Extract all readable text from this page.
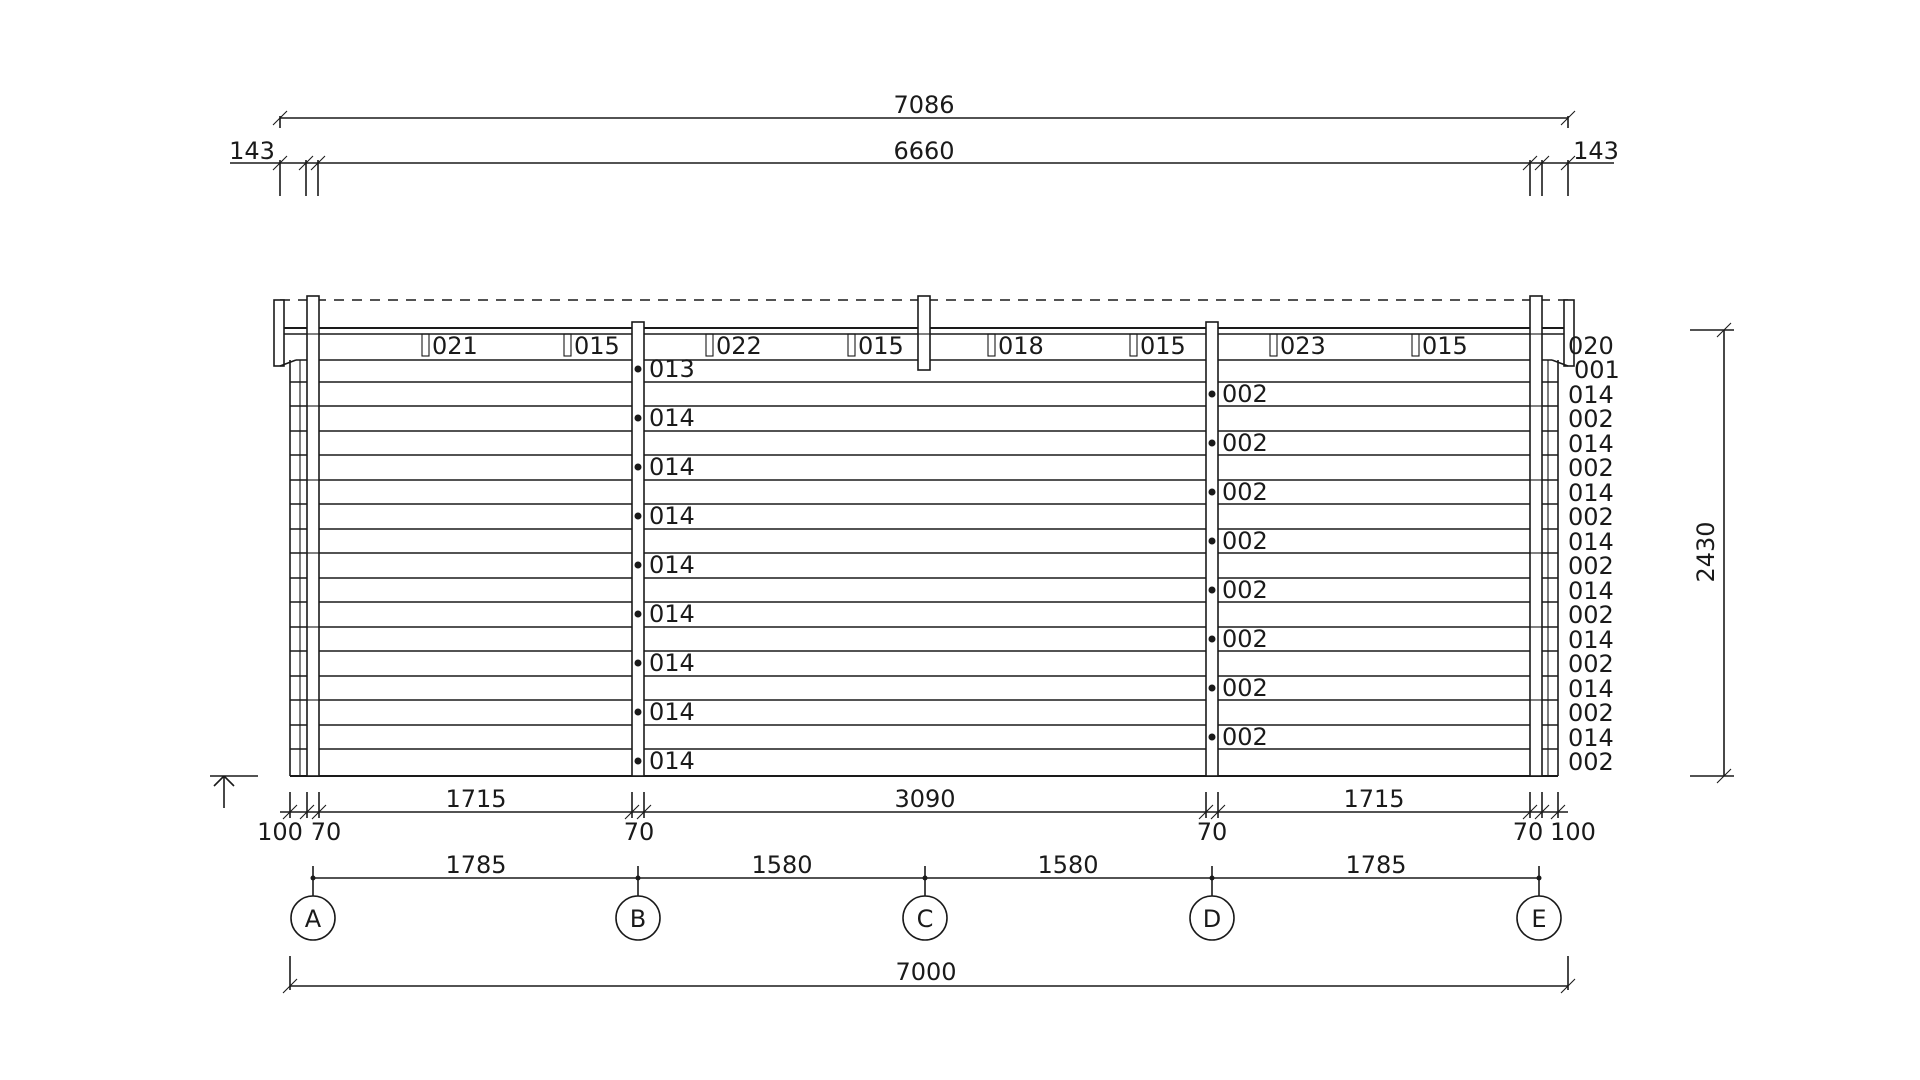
7086
6660
143	143
021	015	022	015	018	015	023	015
013
014
014
014
014
014
014
014
014
002
002
002
002
002
002
002
002
020
001
014
002
014
002
014
002
014
002
014
002
014
002
014
002
014
002
2430
1715	3090	1715
100 70	70	70	70 100
1785	1580	1580	1785
A	B	C	D	E
7000
